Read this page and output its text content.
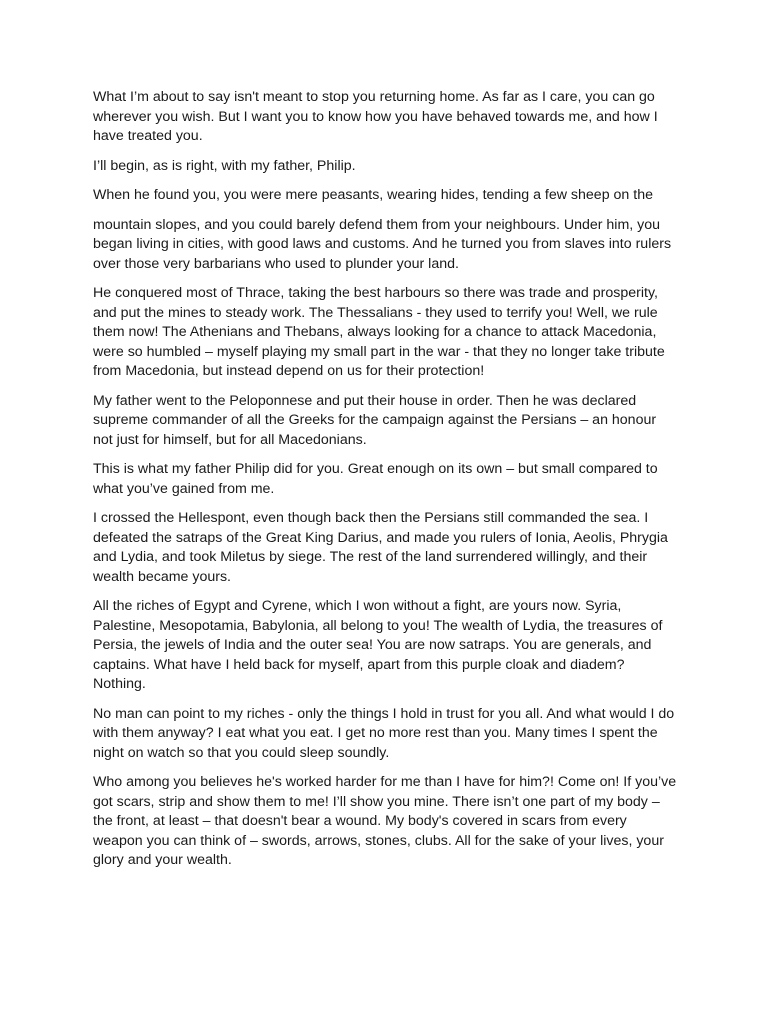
What I’m about to say isn't meant to stop you returning home. As far as I care, you can go wherever you wish. But I want you to know how you have behaved towards me, and how I have treated you.

I’ll begin, as is right, with my father, Philip.

When he found you, you were mere peasants, wearing hides, tending a few sheep on the

mountain slopes, and you could barely defend them from your neighbours. Under him, you began living in cities, with good laws and customs. And he turned you from slaves into rulers over those very barbarians who used to plunder your land.

He conquered most of Thrace, taking the best harbours so there was trade and prosperity, and put the mines to steady work. The Thessalians - they used to terrify you! Well, we rule them now! The Athenians and Thebans, always looking for a chance to attack Macedonia, were so humbled – myself playing my small part in the war - that they no longer take tribute from Macedonia, but instead depend on us for their protection!

My father went to the Peloponnese and put their house in order. Then he was declared supreme commander of all the Greeks for the campaign against the Persians – an honour not just for himself, but for all Macedonians.

This is what my father Philip did for you. Great enough on its own – but small compared to what you’ve gained from me.

I crossed the Hellespont, even though back then the Persians still commanded the sea. I defeated the satraps of the Great King Darius, and made you rulers of Ionia, Aeolis, Phrygia and Lydia, and took Miletus by siege. The rest of the land surrendered willingly, and their wealth became yours.

All the riches of Egypt and Cyrene, which I won without a fight, are yours now. Syria, Palestine, Mesopotamia, Babylonia, all belong to you! The wealth of Lydia, the treasures of Persia, the jewels of India and the outer sea! You are now satraps. You are generals, and captains. What have I held back for myself, apart from this purple cloak and diadem? Nothing.

No man can point to my riches - only the things I hold in trust for you all. And what would I do with them anyway? I eat what you eat. I get no more rest than you. Many times I spent the night on watch so that you could sleep soundly.

Who among you believes he's worked harder for me than I have for him?! Come on! If you’ve got scars, strip and show them to me! I’ll show you mine. There isn’t one part of my body – the front, at least – that doesn't bear a wound. My body's covered in scars from every weapon you can think of – swords, arrows, stones, clubs. All for the sake of your lives, your glory and your wealth.
